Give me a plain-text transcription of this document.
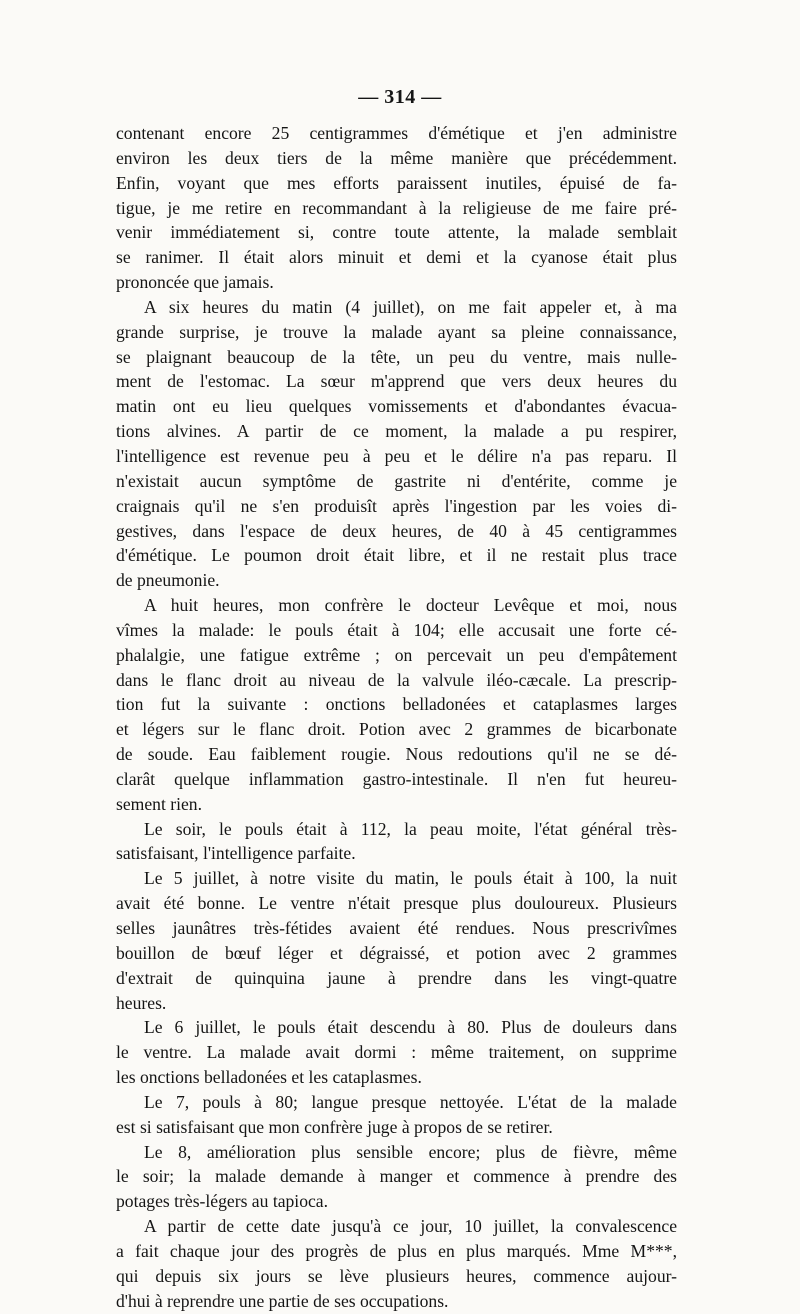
— 314 —
contenant encore 25 centigrammes d'émétique et j'en administre
environ les deux tiers de la même manière que précédemment.
Enfin, voyant que mes efforts paraissent inutiles, épuisé de fa-
tigue, je me retire en recommandant à la religieuse de me faire pré-
venir immédiatement si, contre toute attente, la malade semblait
se ranimer. Il était alors minuit et demi et la cyanose était plus
prononcée que jamais.
A six heures du matin (4 juillet), on me fait appeler et, à ma
grande surprise, je trouve la malade ayant sa pleine connaissance,
se plaignant beaucoup de la tête, un peu du ventre, mais nulle-
ment de l'estomac. La sœur m'apprend que vers deux heures du
matin ont eu lieu quelques vomissements et d'abondantes évacua-
tions alvines. A partir de ce moment, la malade a pu respirer,
l'intelligence est revenue peu à peu et le délire n'a pas reparu. Il
n'existait aucun symptôme de gastrite ni d'entérite, comme je
craignais qu'il ne s'en produisît après l'ingestion par les voies di-
gestives, dans l'espace de deux heures, de 40 à 45 centigrammes
d'émétique. Le poumon droit était libre, et il ne restait plus trace
de pneumonie.
A huit heures, mon confrère le docteur Levêque et moi, nous
vîmes la malade: le pouls était à 104; elle accusait une forte cé-
phalalgie, une fatigue extrême ; on percevait un peu d'empâtement
dans le flanc droit au niveau de la valvule iléo-cæcale. La prescrip-
tion fut la suivante : onctions belladonées et cataplasmes larges
et légers sur le flanc droit. Potion avec 2 grammes de bicarbonate
de soude. Eau faiblement rougie. Nous redoutions qu'il ne se dé-
clarât quelque inflammation gastro-intestinale. Il n'en fut heureu-
sement rien.
Le soir, le pouls était à 112, la peau moite, l'état général très-
satisfaisant, l'intelligence parfaite.
Le 5 juillet, à notre visite du matin, le pouls était à 100, la nuit
avait été bonne. Le ventre n'était presque plus douloureux. Plusieurs
selles jaunâtres très-fétides avaient été rendues. Nous prescrivîmes
bouillon de bœuf léger et dégraissé, et potion avec 2 grammes
d'extrait de quinquina jaune à prendre dans les vingt-quatre
heures.
Le 6 juillet, le pouls était descendu à 80. Plus de douleurs dans
le ventre. La malade avait dormi : même traitement, on supprime
les onctions belladonées et les cataplasmes.
Le 7, pouls à 80; langue presque nettoyée. L'état de la malade
est si satisfaisant que mon confrère juge à propos de se retirer.
Le 8, amélioration plus sensible encore; plus de fièvre, même
le soir; la malade demande à manger et commence à prendre des
potages très-légers au tapioca.
A partir de cette date jusqu'à ce jour, 10 juillet, la convalescence
a fait chaque jour des progrès de plus en plus marqués. Mme M***,
qui depuis six jours se lève plusieurs heures, commence aujour-
d'hui à reprendre une partie de ses occupations.
